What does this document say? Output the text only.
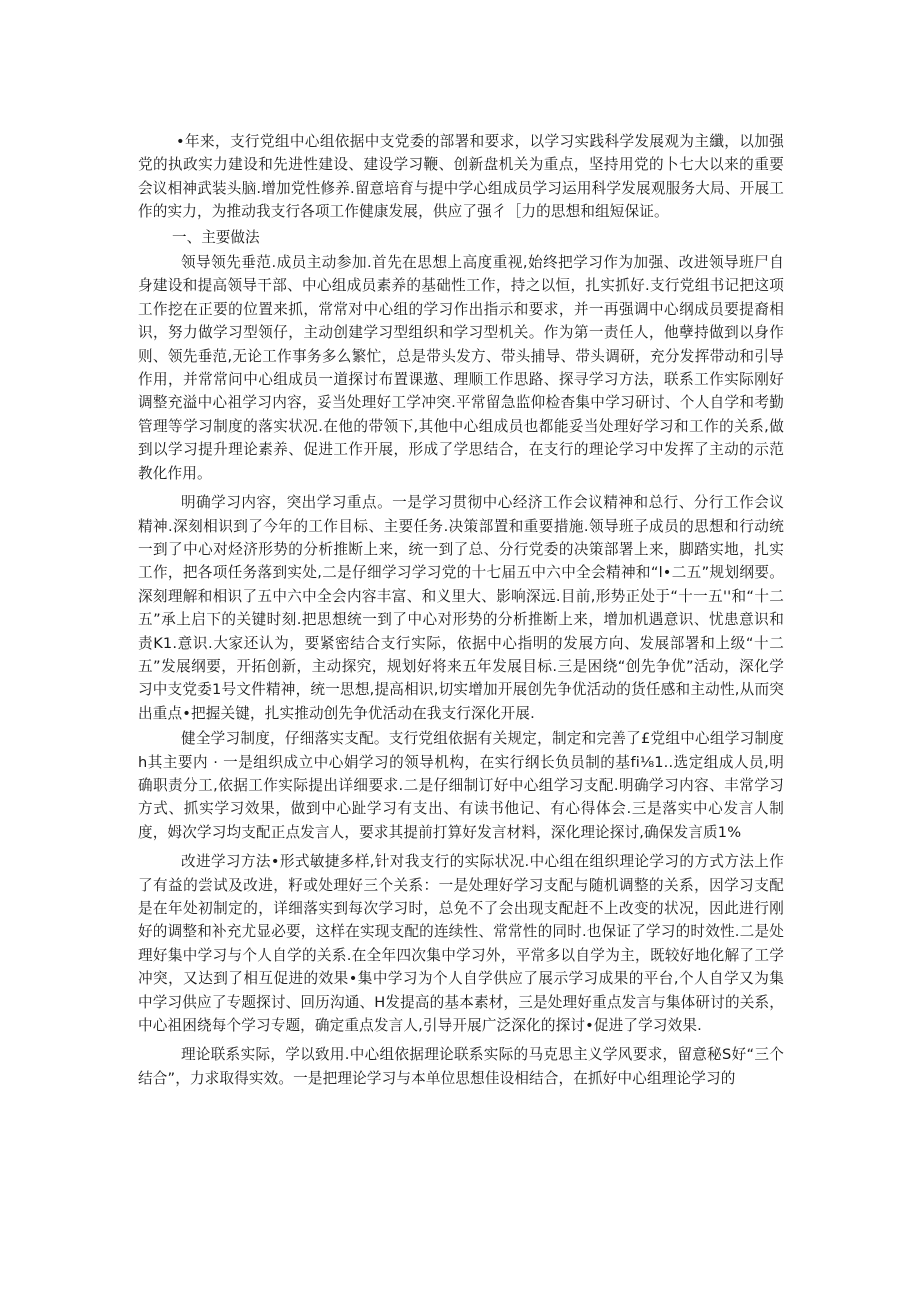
•年来，支行党组中心组依据中支党委的部署和要求，以学习实践科学发展观为主纖，以加强党的执政实力建设和先进性建设、建设学习鞭、创新盘机关为重点，坚持用党的卜七大以来的重要会议相神武装头脑.增加党性修养.留意培育与提中学心组成员学习运用科学发展观服务大局、开展工作的实力，为推动我支行各项工作健康发展，供应了强彳［力的思想和组短保证。

一、主要做法

领导领先垂范.成员主动参加.首先在思想上高度重视,始终把学习作为加强、改进领导班尸自身建设和提高领导干部、中心组成员素养的基础性工作，持之以恒，扎实抓好.支行党组书记把这项工作挖在正要的位置来抓，常常对中心组的学习作出指示和要求，并一再强调中心纲成员要提裔相识，努力做学习型领仔，主动创建学习型组织和学习型机关。作为第一责任人，他孽持做到以身作则、领先垂范,无论工作事务多么繁忙，总是带头发方、带头捕导、带头调研，充分发挥带动和引导作用，并常常问中心组成员一道探讨布置课遨、理顺工作思路、探寻学习方法，联系工作实际刚好调整充溢中心祖学习内容，妥当处理好工学冲突.平常留急监仰检杳集中学习研讨、个人自学和考勤管理等学习制度的落实状况.在他的带领下,其他中心组成员也都能妥当处理好学习和工作的关系,做到以学习提升理论素养、促进工作开展，形成了学思结合，在支行的理论学习中发挥了主动的示范教化作用。

明确学习内容，突出学习重点。一是学习贯彻中心经济工作会议精神和总行、分行工作会议精神.深刻相识到了今年的工作目标、主要任务.决策部置和重要措施.领导班子成员的思想和行动统一到了中心对烃济形势的分析推断上来，统一到了总、分行党委的决策部署上来，脚踏实地，扎实工作，把各项任务落到实处,二是仔细学习学习党的十七届五中六中全会精神和“l•二五”规划纲要。深刻理解和相识了五中六中全会内容丰富、和义里大、影响深远.目前,形势正处于“十一五''和“十二五”承上启下的关键时刻.把思想统一到了中心对形势的分析推断上来，增加机遇意识、忧患意识和责K1.意识.大家还认为，要紧密结合支行实际，依据中心指明的发展方向、发展部署和上级“十二五”发展纲要，开拓创新，主动探究，规划好将来五年发展目标.三是困绕“创先争优”活动，深化学习中支党委1号文件精神，统一思想,提高相识,切实增加开展创先争优活动的货任感和主动性,从而突出重点•把握关键，扎实推动创先争优活动在我支行深化开展.

健全学习制度，仔细落实支配。支行党组依据有关规定，制定和完善了£党组中心组学习制度h其主要内 · 一是组织成立中心娟学习的领导机构，在实行纲长负员制的基fi⅛1..选定组成人员,明确职责分工,依据工作实际提出详细要求.二是仔细制订好中心组学习支配.明确学习内容、丰常学习方式、抓实学习效果，做到中心趾学习有支出、有读书他记、有心得体会.三是落实中心发言人制度，姆次学习均支配正点发言人，要求其提前打算好发言材料，深化理论探讨,确保发言质1%

改进学习方法•形式敏捷多样,针对我支行的实际状况.中心组在组织理论学习的方式方法上作了有益的尝试及改进，籽或处理好三个关系：一是处理好学习支配与随机调整的关系，因学习支配是在年处初制定的，详细落实到每次学习时，总免不了会出现支配赶不上改变的状况，因此进行刚好的调整和补充尤显必要，这样在实现支配的连续性、常常性的同时.也保证了学习的时效性.二是处理好集中学习与个人自学的关系.在全年四次集中学习外，平常多以自学为主，既较好地化解了工学冲突，又达到了相互促进的效果•集中学习为个人自学供应了展示学习成果的平台,个人自学又为集中学习供应了专题探讨、回历沟通、H发提高的基本素材，三是处理好重点发言与集体研讨的关系，中心祖困绕每个学习专题，确定重点发言人,引导开展广泛深化的探讨•促进了学习效果.

理论联系实际，学以致用.中心组依据理论联系实际的马克思主义学风要求，留意秘S好“三个结合”，力求取得实效。一是把理论学习与本单位思想佳设相结合，在抓好中心组理论学习的
